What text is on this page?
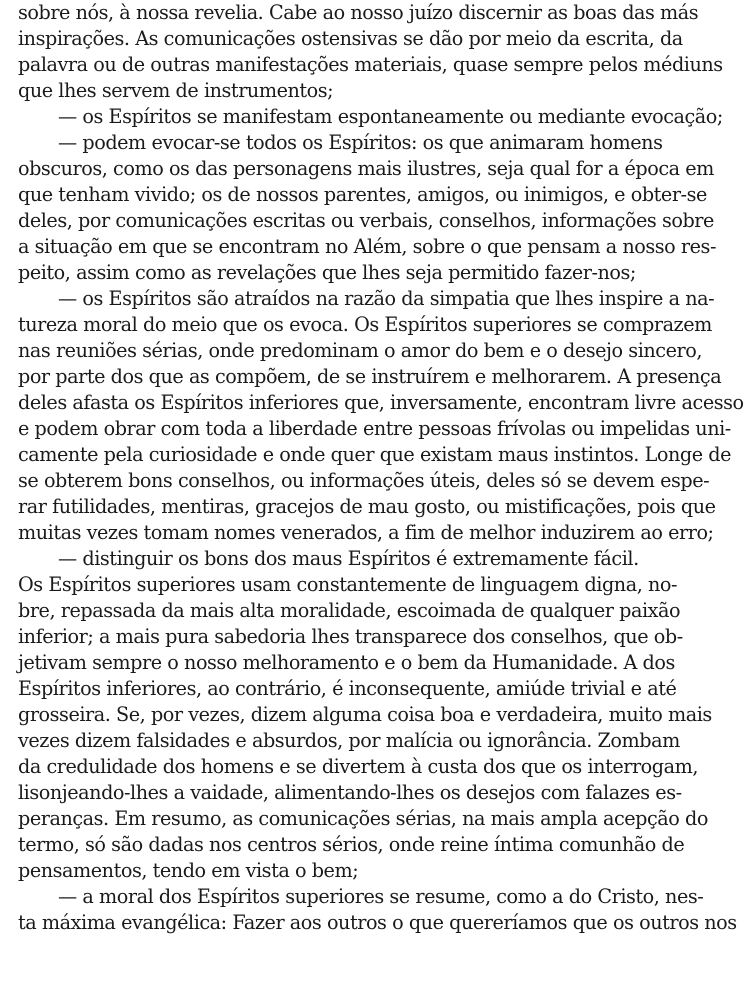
sobre nós, à nossa revelia. Cabe ao nosso juízo discernir as boas das más
inspirações. As comunicações ostensivas se dão por meio da escrita, da
palavra ou de outras manifestações materiais, quase sempre pelos médiuns
que lhes servem de instrumentos;
— os Espíritos se manifestam espontaneamente ou mediante evocação;
— podem evocar-se todos os Espíritos: os que animaram homens
obscuros, como os das personagens mais ilustres, seja qual for a época em
que tenham vivido; os de nossos parentes, amigos, ou inimigos, e obter-se
deles, por comunicações escritas ou verbais, conselhos, informações sobre
a situação em que se encontram no Além, sobre o que pensam a nosso res-
peito, assim como as revelações que lhes seja permitido fazer-nos;
— os Espíritos são atraídos na razão da simpatia que lhes inspire a na-
tureza moral do meio que os evoca. Os Espíritos superiores se comprazem
nas reuniões sérias, onde predominam o amor do bem e o desejo sincero,
por parte dos que as compõem, de se instruírem e melhorarem. A presença
deles afasta os Espíritos inferiores que, inversamente, encontram livre acesso
e podem obrar com toda a liberdade entre pessoas frívolas ou impelidas uni-
camente pela curiosidade e onde quer que existam maus instintos. Longe de
se obterem bons conselhos, ou informações úteis, deles só se devem espe-
rar futilidades, mentiras, gracejos de mau gosto, ou mistificações, pois que
muitas vezes tomam nomes venerados, a fim de melhor induzirem ao erro;
— distinguir os bons dos maus Espíritos é extremamente fácil.
Os Espíritos superiores usam constantemente de linguagem digna, no-
bre, repassada da mais alta moralidade, escoimada de qualquer paixão
inferior; a mais pura sabedoria lhes transparece dos conselhos, que ob-
jetivam sempre o nosso melhoramento e o bem da Humanidade. A dos
Espíritos inferiores, ao contrário, é inconsequente, amiúde trivial e até
grosseira. Se, por vezes, dizem alguma coisa boa e verdadeira, muito mais
vezes dizem falsidades e absurdos, por malícia ou ignorância. Zombam
da credulidade dos homens e se divertem à custa dos que os interrogam,
lisonjeando-lhes a vaidade, alimentando-lhes os desejos com falazes es-
peranças. Em resumo, as comunicações sérias, na mais ampla acepção do
termo, só são dadas nos centros sérios, onde reine íntima comunhão de
pensamentos, tendo em vista o bem;
— a moral dos Espíritos superiores se resume, como a do Cristo, nes-
ta máxima evangélica: Fazer aos outros o que quereríamos que os outros nos
